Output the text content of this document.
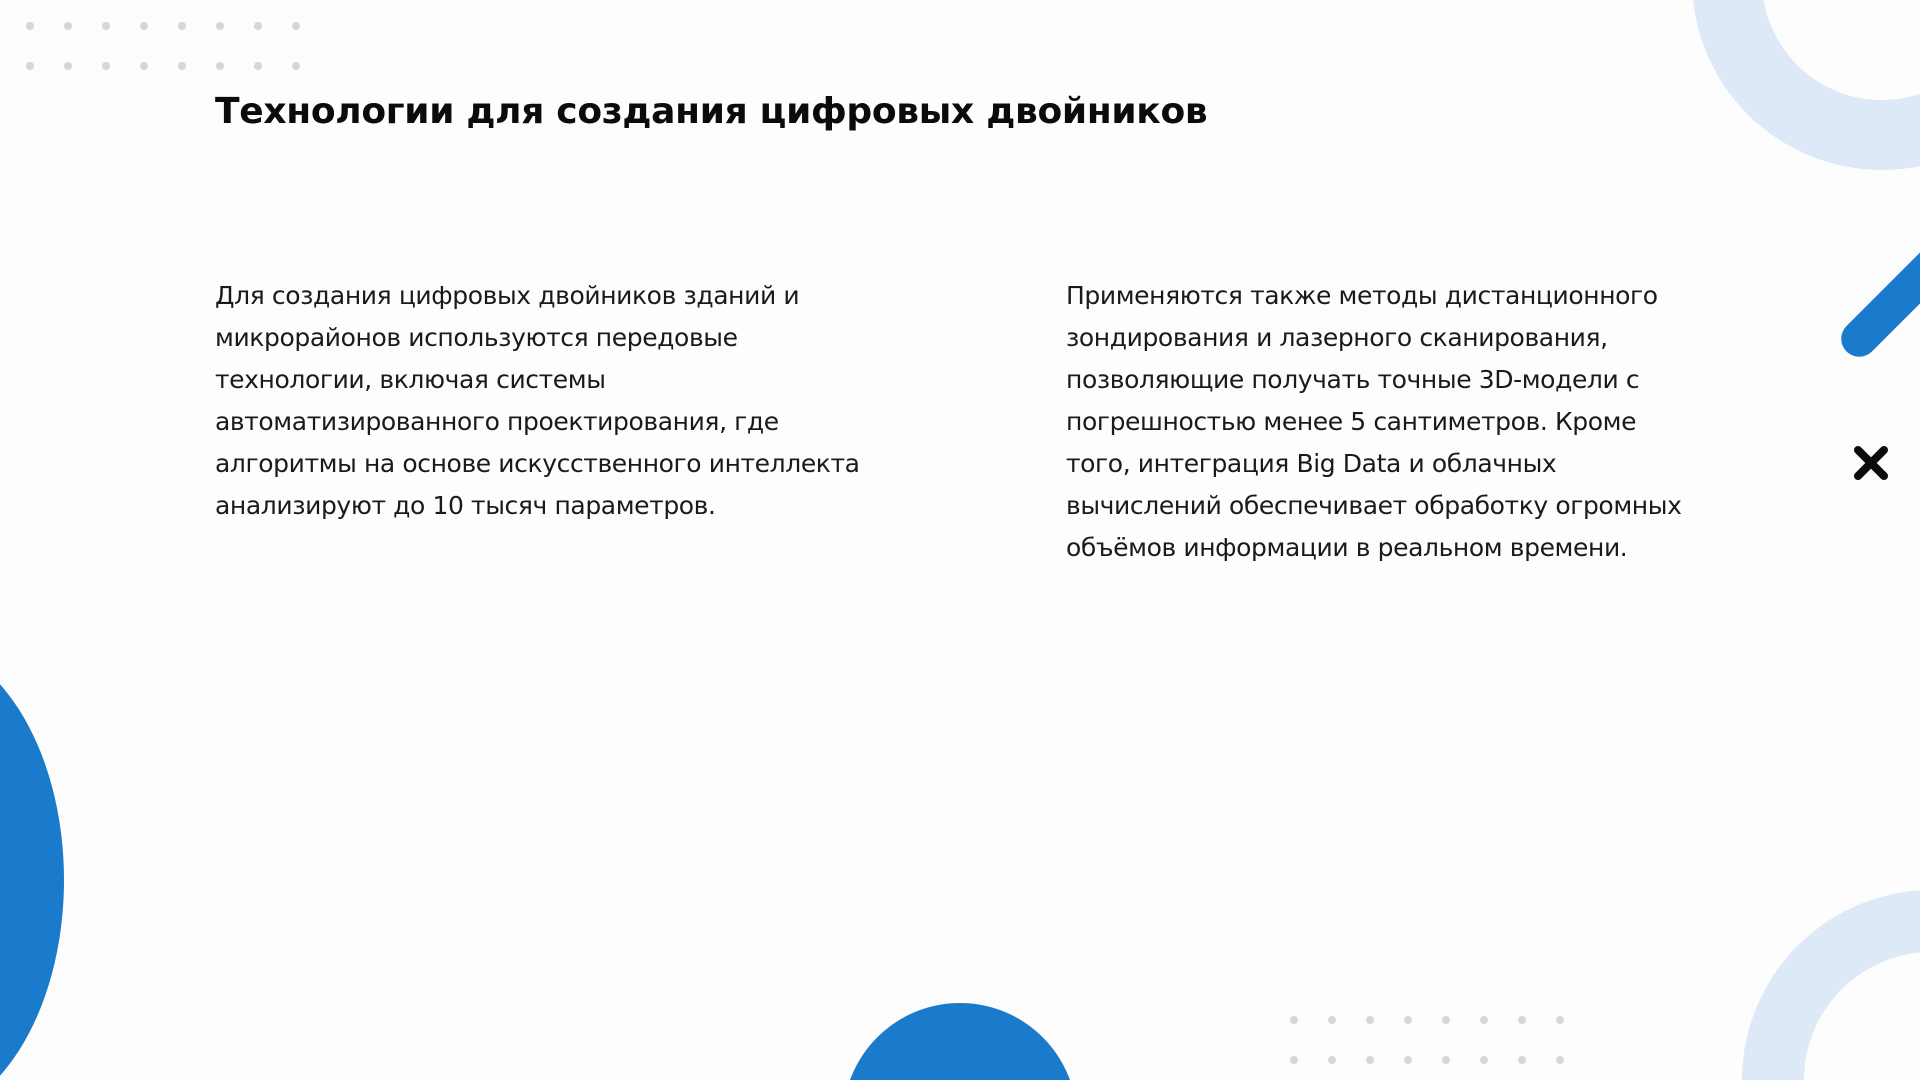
Технологии для создания цифровых двойников

Для создания цифровых двойников зданий и микрорайонов используются передовые технологии, включая системы автоматизированного проектирования, где алгоритмы на основе искусственного интеллекта анализируют до 10 тысяч параметров.

Применяются также методы дистанционного зондирования и лазерного сканирования, позволяющие получать точные 3D-модели с погрешностью менее 5 сантиметров. Кроме того, интеграция Big Data и облачных вычислений обеспечивает обработку огромных объёмов информации в реальном времени.
